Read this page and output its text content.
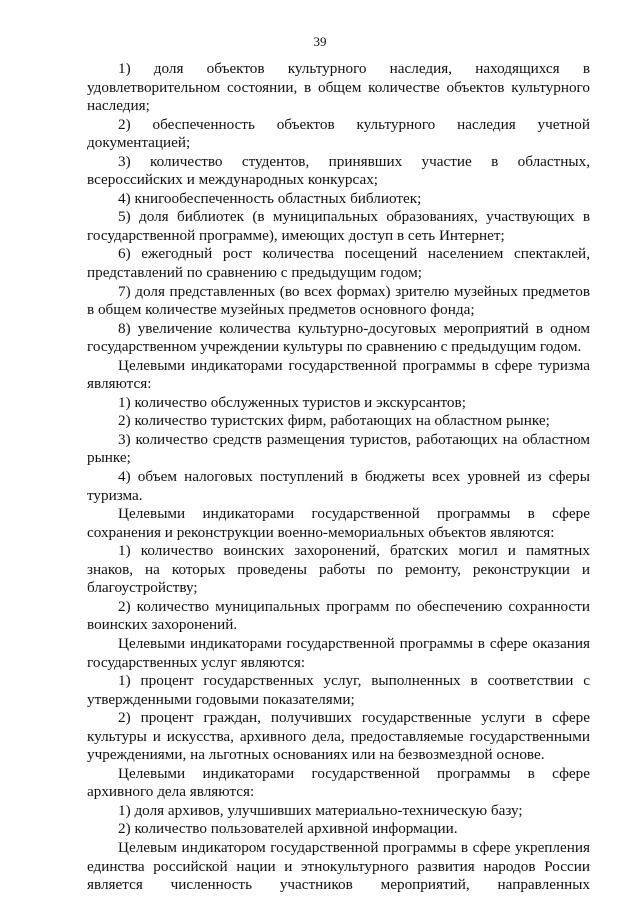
39

1) доля объектов культурного наследия, находящихся в удовлетворительном состоянии, в общем количестве объектов культурного наследия;

2) обеспеченность объектов культурного наследия учетной документацией;

3) количество студентов, принявших участие в областных, всероссийских и международных конкурсах;

4) книгообеспеченность областных библиотек;

5) доля библиотек (в муниципальных образованиях, участвующих в государственной программе), имеющих доступ в сеть Интернет;

6) ежегодный рост количества посещений населением спектаклей, представлений по сравнению с предыдущим годом;

7) доля представленных (во всех формах) зрителю музейных предметов в общем количестве музейных предметов основного фонда;

8) увеличение количества культурно-досуговых мероприятий в одном государственном учреждении культуры по сравнению с предыдущим годом.

Целевыми индикаторами государственной программы в сфере туризма являются:

1) количество обслуженных туристов и экскурсантов;

2) количество туристских фирм, работающих на областном рынке;

3) количество средств размещения туристов, работающих на областном рынке;

4) объем налоговых поступлений в бюджеты всех уровней из сферы туризма.

Целевыми индикаторами государственной программы в сфере сохранения и реконструкции военно-мемориальных объектов являются:

1) количество воинских захоронений, братских могил и памятных знаков, на которых проведены работы по ремонту, реконструкции и благоустройству;

2) количество муниципальных программ по обеспечению сохранности воинских захоронений.

Целевыми индикаторами государственной программы в сфере оказания государственных услуг являются:

1) процент государственных услуг, выполненных в соответствии с утвержденными годовыми показателями;

2) процент граждан, получивших государственные услуги в сфере культуры и искусства, архивного дела, предоставляемые государственными учреждениями, на льготных основаниях или на безвозмездной основе.

Целевыми индикаторами государственной программы в сфере архивного дела являются:

1) доля архивов, улучшивших материально-техническую базу;

2) количество пользователей архивной информации.

Целевым индикатором государственной программы в сфере укрепления единства российской нации и этнокультурного развития народов России является численность участников мероприятий, направленных
